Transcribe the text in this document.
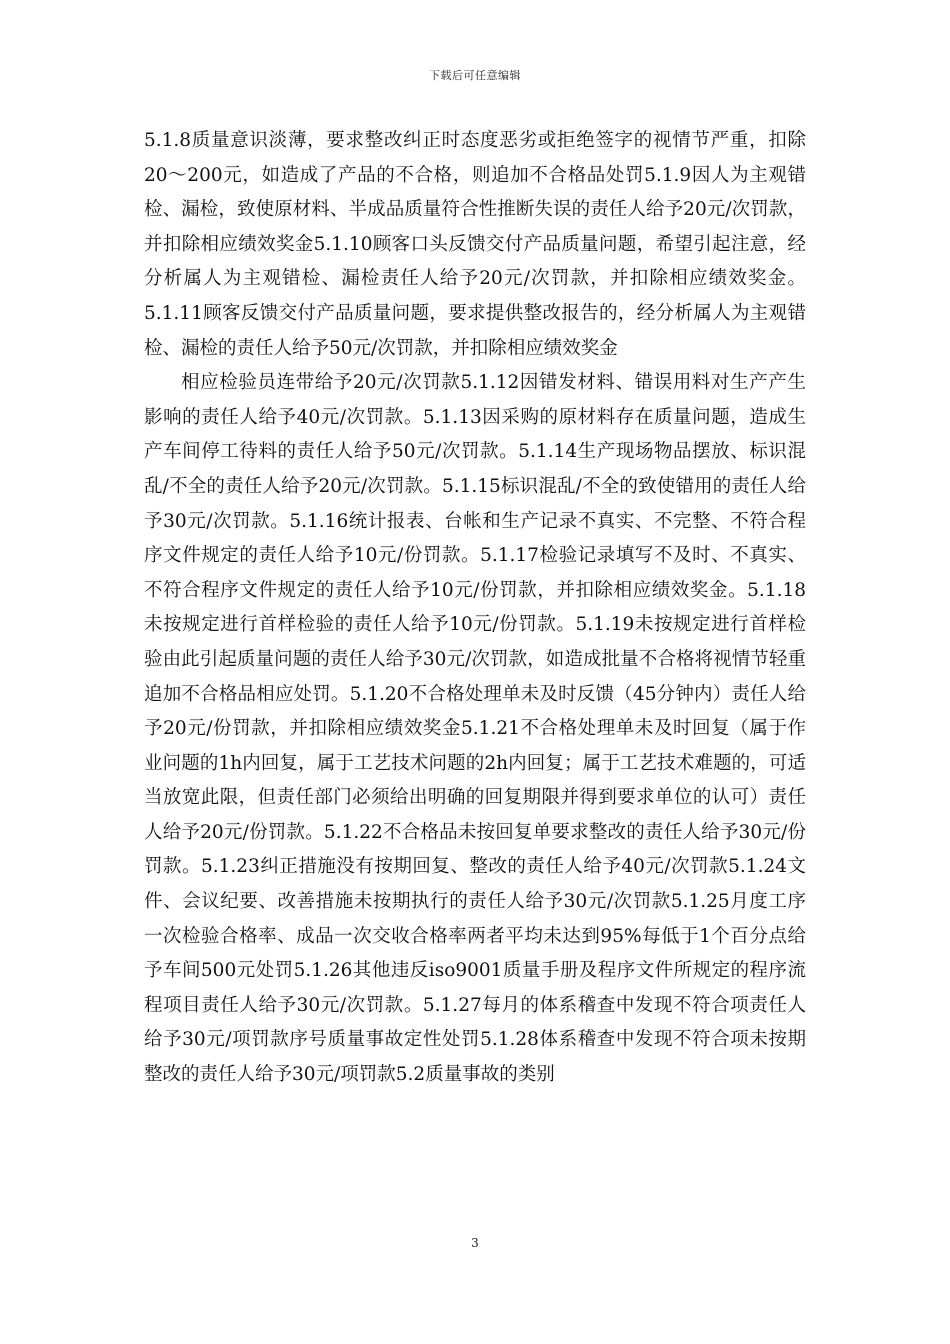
下载后可任意编辑

5.1.8质量意识淡薄，要求整改纠正时态度恶劣或拒绝签字的视情节严重，扣除20～200元，如造成了产品的不合格，则追加不合格品处罚5.1.9因人为主观错检、漏检，致使原材料、半成品质量符合性推断失误的责任人给予20元/次罚款，并扣除相应绩效奖金5.1.10顾客口头反馈交付产品质量问题，希望引起注意，经分析属人为主观错检、漏检责任人给予20元/次罚款，并扣除相应绩效奖金。5.1.11顾客反馈交付产品质量问题，要求提供整改报告的，经分析属人为主观错检、漏检的责任人给予50元/次罚款，并扣除相应绩效奖金

相应检验员连带给予20元/次罚款5.1.12因错发材料、错误用料对生产产生影响的责任人给予40元/次罚款。5.1.13因采购的原材料存在质量问题，造成生产车间停工待料的责任人给予50元/次罚款。5.1.14生产现场物品摆放、标识混乱/不全的责任人给予20元/次罚款。5.1.15标识混乱/不全的致使错用的责任人给予30元/次罚款。5.1.16统计报表、台帐和生产记录不真实、不完整、不符合程序文件规定的责任人给予10元/份罚款。5.1.17检验记录填写不及时、不真实、不符合程序文件规定的责任人给予10元/份罚款，并扣除相应绩效奖金。5.1.18未按规定进行首样检验的责任人给予10元/份罚款。5.1.19未按规定进行首样检验由此引起质量问题的责任人给予30元/次罚款，如造成批量不合格将视情节轻重追加不合格品相应处罚。5.1.20不合格处理单未及时反馈（45分钟内）责任人给予20元/份罚款，并扣除相应绩效奖金5.1.21不合格处理单未及时回复（属于作业问题的1h内回复，属于工艺技术问题的2h内回复；属于工艺技术难题的，可适当放宽此限，但责任部门必须给出明确的回复期限并得到要求单位的认可）责任人给予20元/份罚款。5.1.22不合格品未按回复单要求整改的责任人给予30元/份罚款。5.1.23纠正措施没有按期回复、整改的责任人给予40元/次罚款5.1.24文件、会议纪要、改善措施未按期执行的责任人给予30元/次罚款5.1.25月度工序一次检验合格率、成品一次交收合格率两者平均未达到95%每低于1个百分点给予车间500元处罚5.1.26其他违反iso9001质量手册及程序文件所规定的程序流程项目责任人给予30元/次罚款。5.1.27每月的体系稽查中发现不符合项责任人给予30元/项罚款序号质量事故定性处罚5.1.28体系稽查中发现不符合项未按期整改的责任人给予30元/项罚款5.2质量事故的类别

3
